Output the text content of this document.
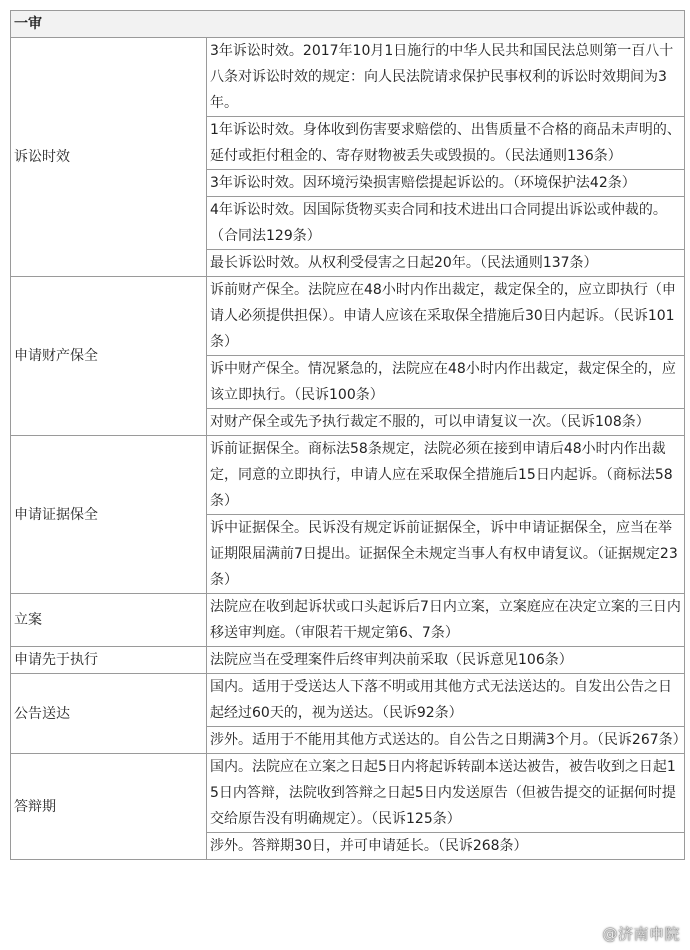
一审	
诉讼时效	3年诉讼时效。2017年10月1日施行的中华人民共和国民法总则第一百八十八条对诉讼时效的规定：向人民法院请求保护民事权利的诉讼时效期间为3年。
	1年诉讼时效。身体收到伤害要求赔偿的、出售质量不合格的商品未声明的、延付或拒付租金的、寄存财物被丢失或毁损的。（民法通则136条）
	3年诉讼时效。因环境污染损害赔偿提起诉讼的。（环境保护法42条）
	4年诉讼时效。因国际货物买卖合同和技术进出口合同提出诉讼或仲裁的。（合同法129条）
	最长诉讼时效。从权利受侵害之日起20年。（民法通则137条）
申请财产保全	诉前财产保全。法院应在48小时内作出裁定，裁定保全的，应立即执行（申请人必须提供担保）。申请人应该在采取保全措施后30日内起诉。（民诉101条）
	诉中财产保全。情况紧急的，法院应在48小时内作出裁定，裁定保全的，应该立即执行。（民诉100条）
	对财产保全或先予执行裁定不服的，可以申请复议一次。（民诉108条）
申请证据保全	诉前证据保全。商标法58条规定，法院必须在接到申请后48小时内作出裁定，同意的立即执行，申请人应在采取保全措施后15日内起诉。（商标法58条）
	诉中证据保全。民诉没有规定诉前证据保全，诉中申请证据保全，应当在举证期限届满前7日提出。证据保全未规定当事人有权申请复议。（证据规定23条）
立案	法院应在收到起诉状或口头起诉后7日内立案，立案庭应在决定立案的三日内移送审判庭。（审限若干规定第6、7条）
申请先于执行	法院应当在受理案件后终审判决前采取（民诉意见106条）
公告送达	国内。适用于受送达人下落不明或用其他方式无法送达的。自发出公告之日起经过60天的，视为送达。（民诉92条）
	涉外。适用于不能用其他方式送达的。自公告之日期满3个月。（民诉267条）
答辩期	国内。法院应在立案之日起5日内将起诉转副本送达被告，被告收到之日起15日内答辩，法院收到答辩之日起5日内发送原告（但被告提交的证据何时提交给原告没有明确规定）。（民诉125条）
	涉外。答辩期30日，并可申请延长。（民诉268条）
@济南申院
